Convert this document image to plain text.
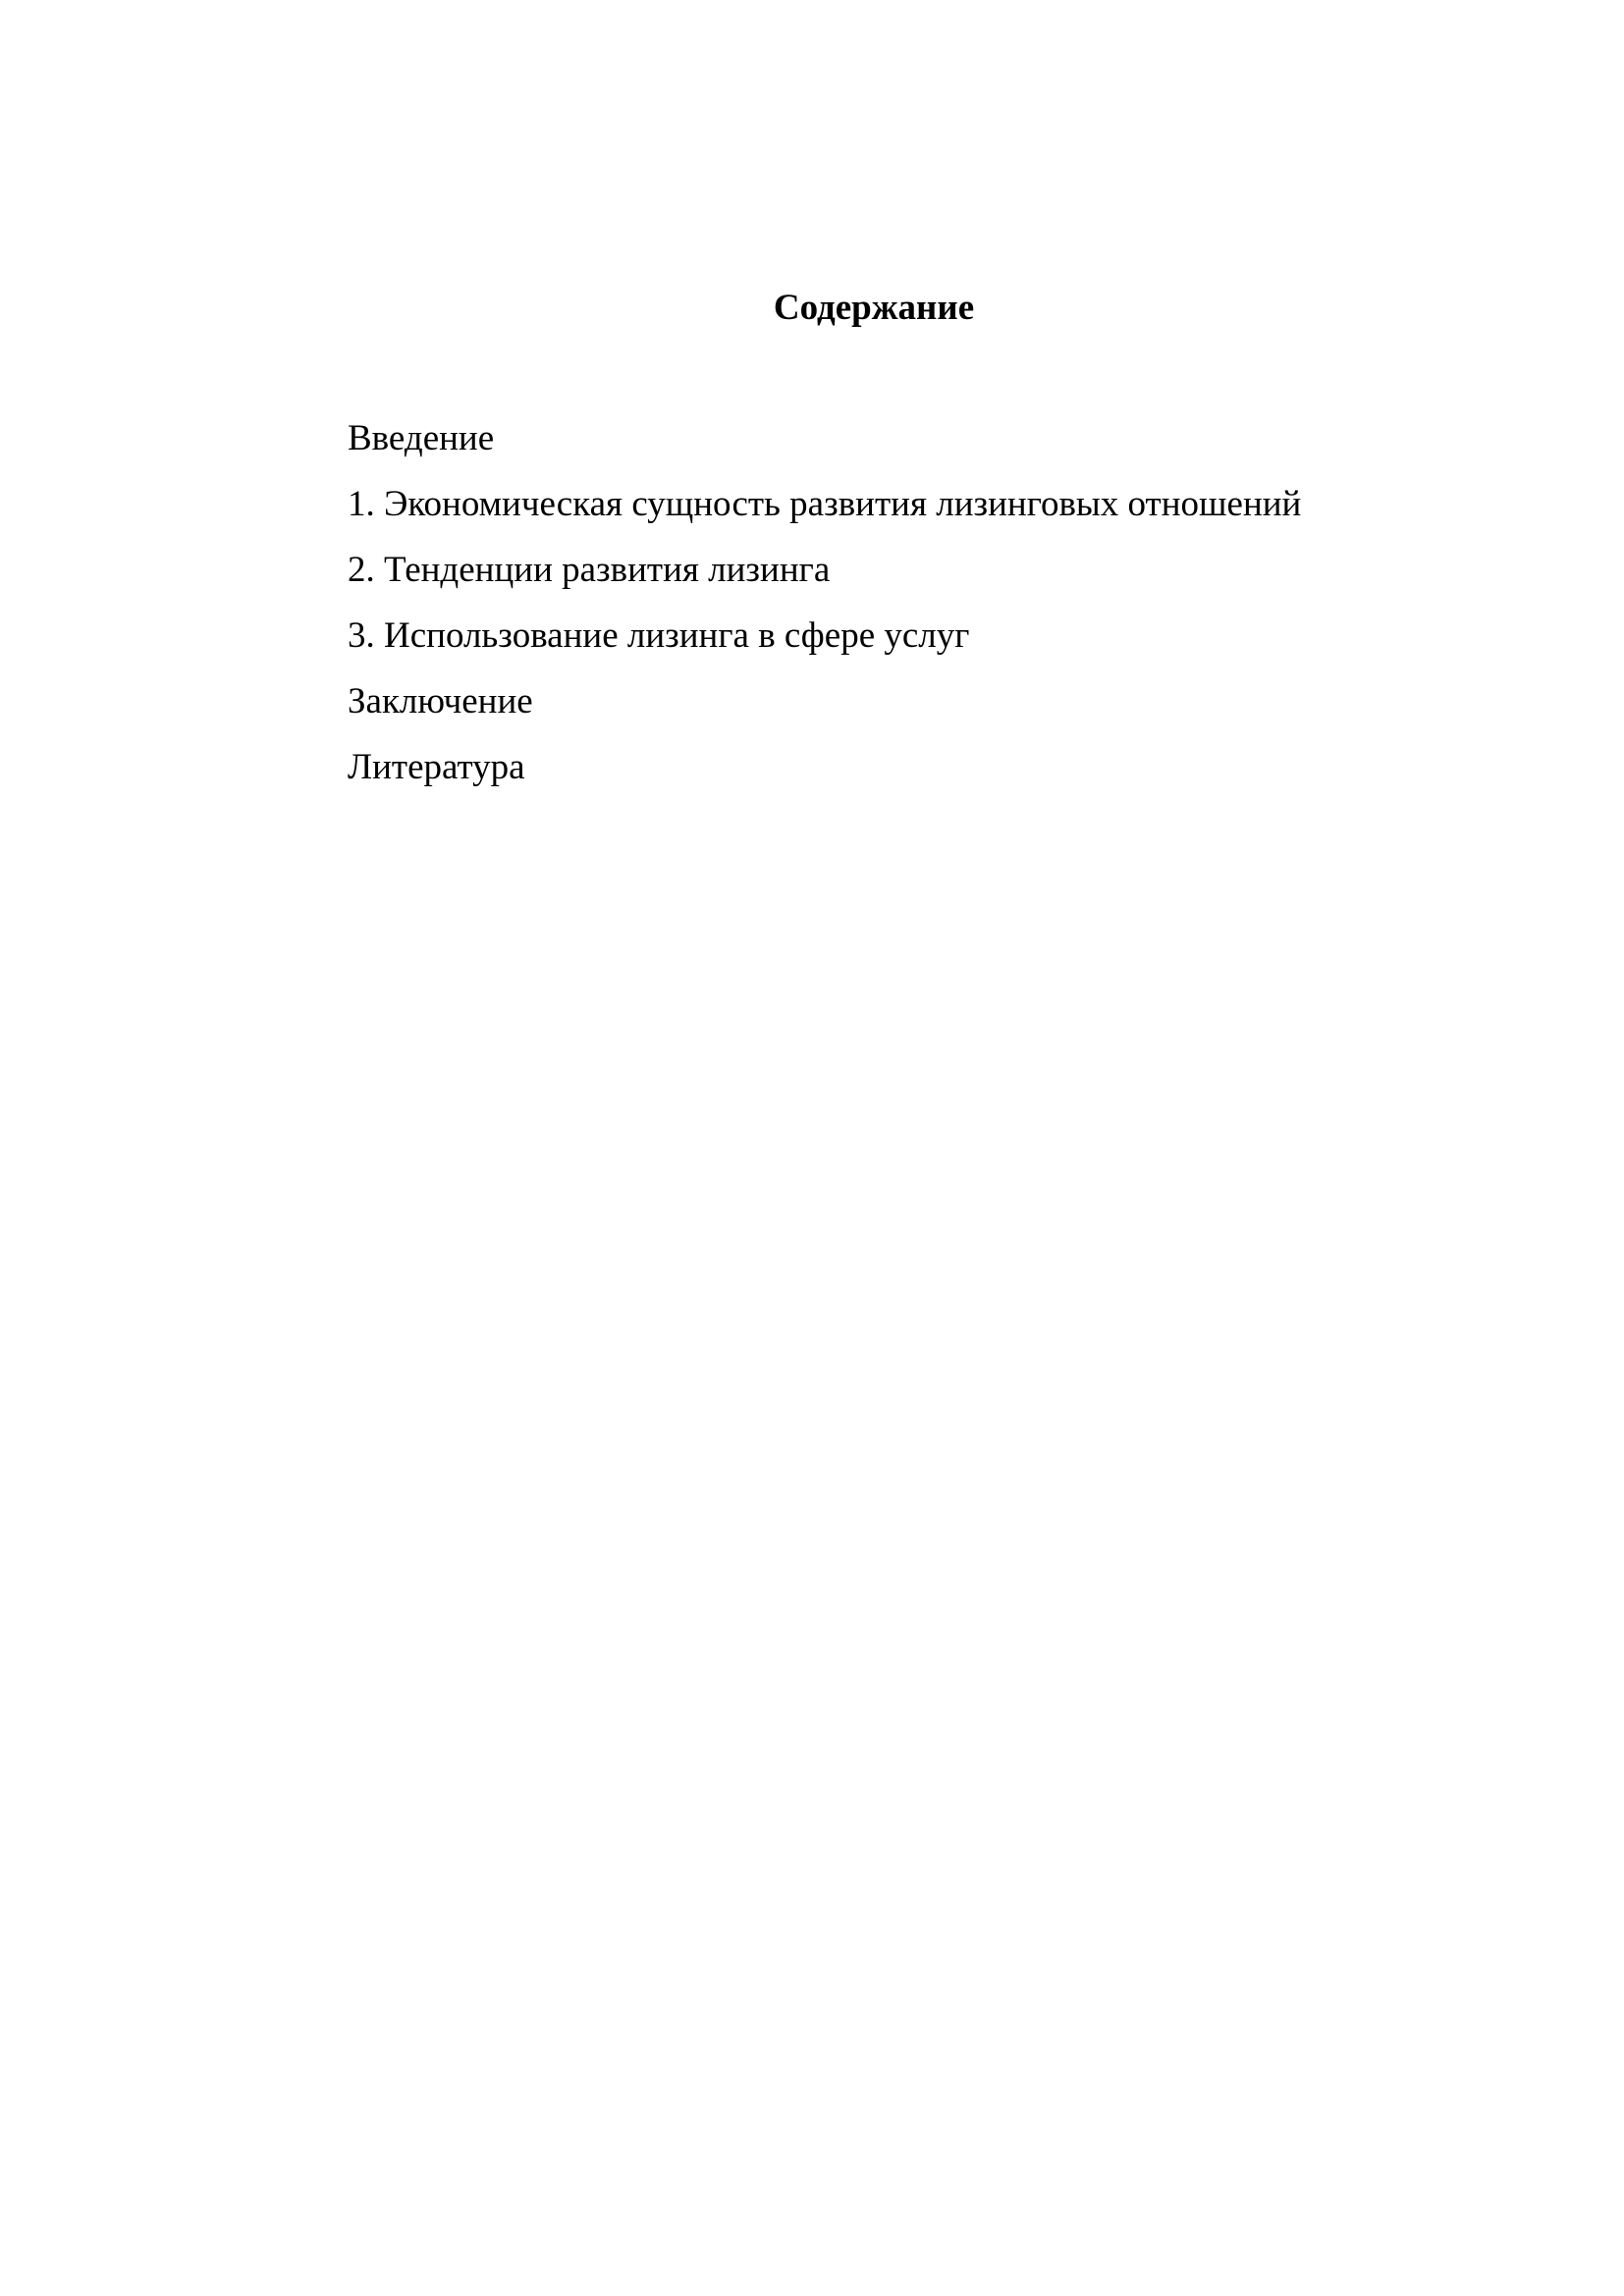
Содержание
Введение
1. Экономическая сущность развития лизинговых отношений
2. Тенденции развития лизинга
3. Использование лизинга в сфере услуг
Заключение
Литература
